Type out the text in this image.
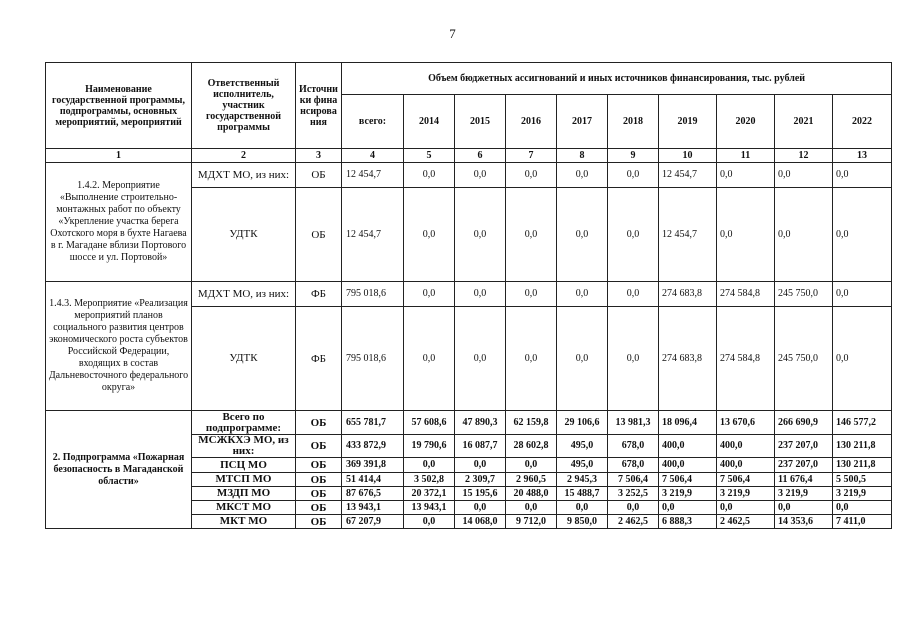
7
Наименование государственной программы, подпрограммы, основных мероприятий, мероприятий	Ответственный исполнитель, участник государственной программы	Источники финансирования	Объем бюджетных ассигнований и иных источников финансирования, тыс. рублей									
			всего:	2014	2015	2016	2017	2018	2019	2020	2021	2022
1	2	3	4	5	6	7	8	9	10	11	12	13
1.4.2. Мероприятие «Выполнение строительно-монтажных работ по объекту «Укрепление участка берега Охотского моря в бухте Нагаева в г. Магадане вблизи Портового шоссе и ул. Портовой»	МДХТ МО, из них:	ОБ	12 454,7	0,0	0,0	0,0	0,0	0,0	12 454,7	0,0	0,0	0,0
	УДТК	ОБ	12 454,7	0,0	0,0	0,0	0,0	0,0	12 454,7	0,0	0,0	0,0
1.4.3. Мероприятие «Реализация мероприятий планов социального развития центров экономического роста субъектов Российской Федерации, входящих в состав Дальневосточного федерального округа»	МДХТ МО, из них:	ФБ	795 018,6	0,0	0,0	0,0	0,0	0,0	274 683,8	274 584,8	245 750,0	0,0
	УДТК	ФБ	795 018,6	0,0	0,0	0,0	0,0	0,0	274 683,8	274 584,8	245 750,0	0,0
2. Подпрограмма «Пожарная безопасность в Магаданской области»	Всего по подпрограмме:	ОБ	655 781,7	57 608,6	47 890,3	62 159,8	29 106,6	13 981,3	18 096,4	13 670,6	266 690,9	146 577,2
	МСЖКХЭ МО, из них:	ОБ	433 872,9	19 790,6	16 087,7	28 602,8	495,0	678,0	400,0	400,0	237 207,0	130 211,8
	ПСЦ МО	ОБ	369 391,8	0,0	0,0	0,0	495,0	678,0	400,0	400,0	237 207,0	130 211,8
	МТСП МО	ОБ	51 414,4	3 502,8	2 309,7	2 960,5	2 945,3	7 506,4	7 506,4	7 506,4	11 676,4	5 500,5
	МЗДП МО	ОБ	87 676,5	20 372,1	15 195,6	20 488,0	15 488,7	3 252,5	3 219,9	3 219,9	3 219,9	3 219,9
	МКСТ МО	ОБ	13 943,1	13 943,1	0,0	0,0	0,0	0,0	0,0	0,0	0,0	0,0
	МКТ МО	ОБ	67 207,9	0,0	14 068,0	9 712,0	9 850,0	2 462,5	6 888,3	2 462,5	14 353,6	7 411,0
